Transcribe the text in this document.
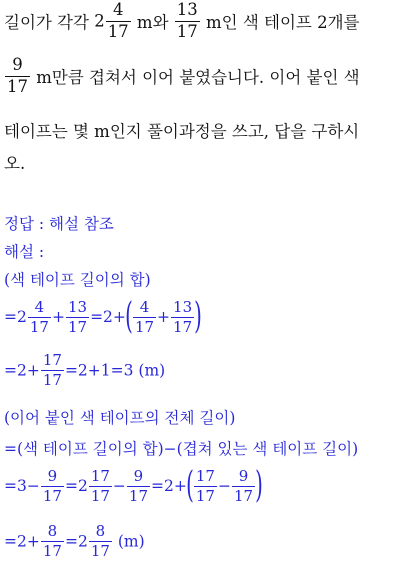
길이가 각각 $2 \frac{4}{17}$ m와 $\frac{13}{17}$ m인 색 테이프 2개를
$\frac{9}{17}$ m만큼 겹쳐서 이어 붙였습니다. 이어 붙인 색
테이프는 몇 m인지 풀이과정을 쓰고, 답을 구하시
오.
정답 : 해설 참조
해설 :
(색 테이프 길이의 합)
$=2 \frac{4}{17} + \frac{13}{17} =2+( \frac{4}{17} + \frac{13}{17}$ )
$=2+ \frac{17}{17} =2+1=3$ (m)
(이어 붙인 색 테이프의 전체 길이)
=(색 테이프 길이의 합)−(겹쳐 있는 색 테이프 길이)
$=3- \frac{9}{17} =2 \frac{17}{17} - \frac{9}{17} =2+( \frac{17}{17} - \frac{9}{17}$ )
$=2+ \frac{8}{17} =2 \frac{8}{17} (m)$
